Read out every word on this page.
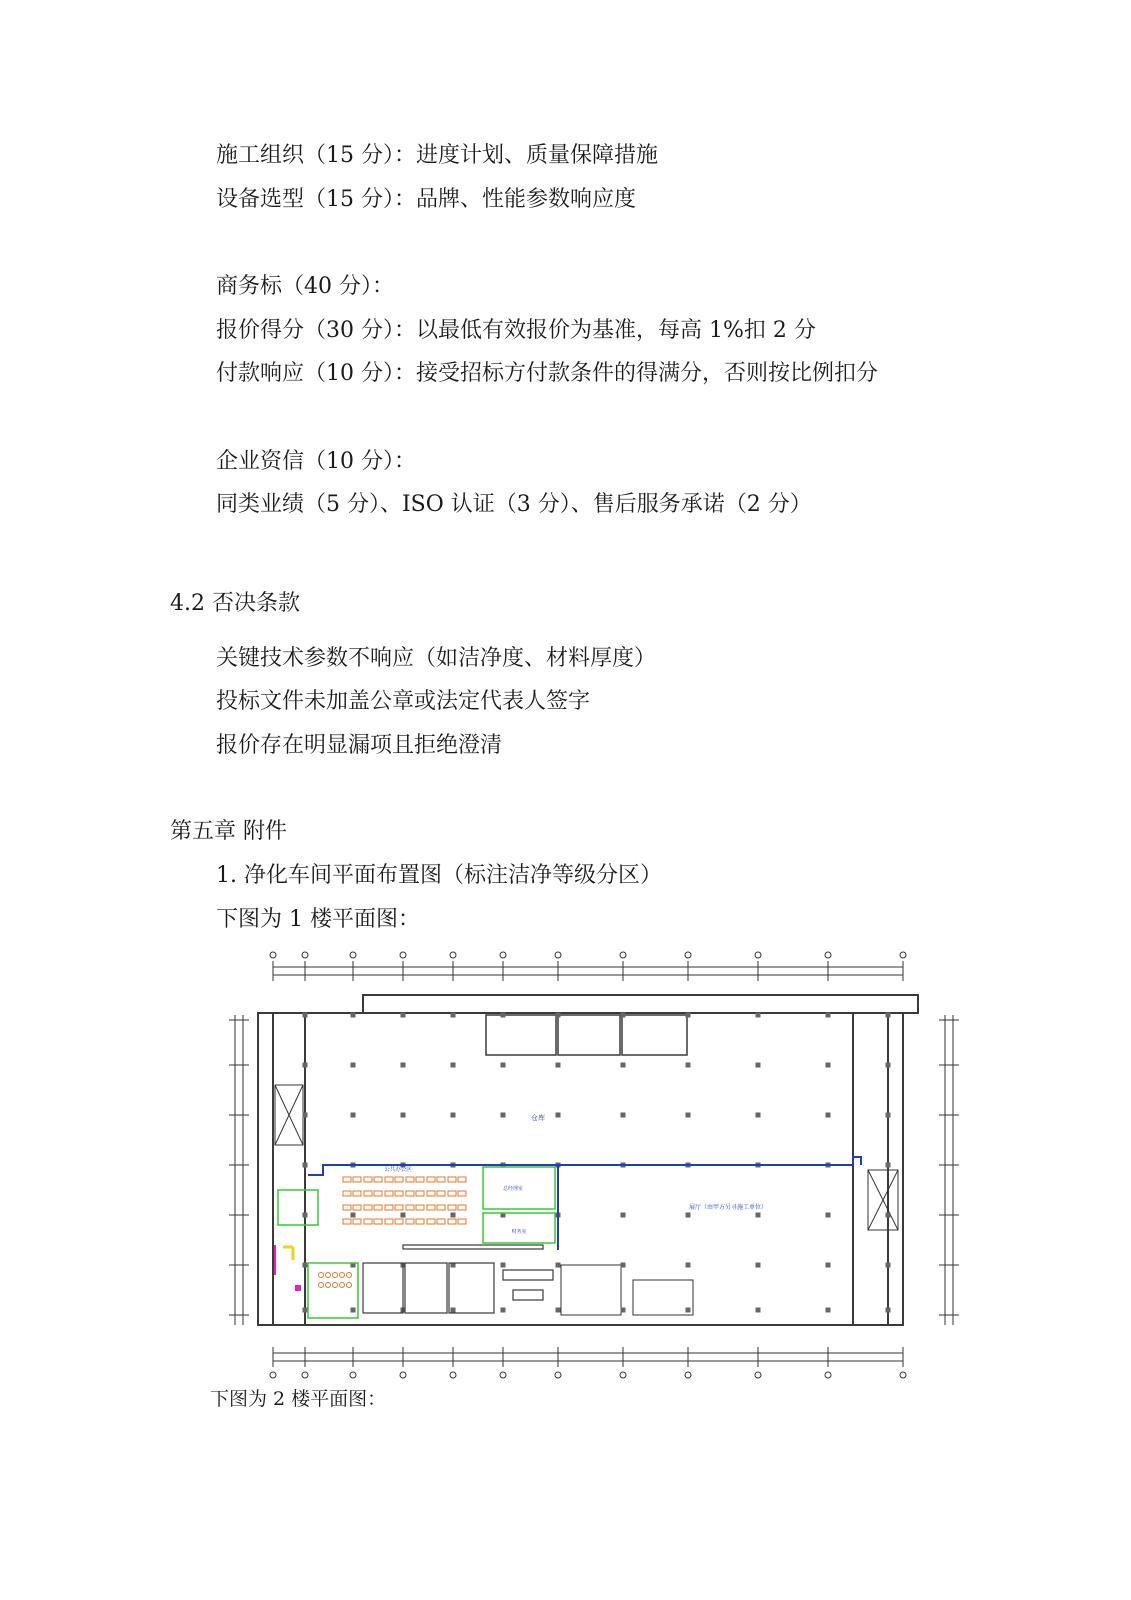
施工组织（15 分）：进度计划、质量保障措施
设备选型（15 分）：品牌、性能参数响应度
商务标（40 分）：
报价得分（30 分）：以最低有效报价为基准，每高 1%扣 2 分
付款响应（10 分）：接受招标方付款条件的得满分，否则按比例扣分
企业资信（10 分）：
同类业绩（5 分）、ISO 认证（3 分）、售后服务承诺（2 分）
4.2 否决条款
关键技术参数不响应（如洁净度、材料厚度）
投标文件未加盖公章或法定代表人签字
报价存在明显漏项且拒绝澄清
第五章 附件
1. 净化车间平面布置图（标注洁净等级分区）
下图为 1 楼平面图：
仓库
公共办公区
总经理室
财务室
展厅（由甲方另寻施工单位）
下图为 2 楼平面图：
